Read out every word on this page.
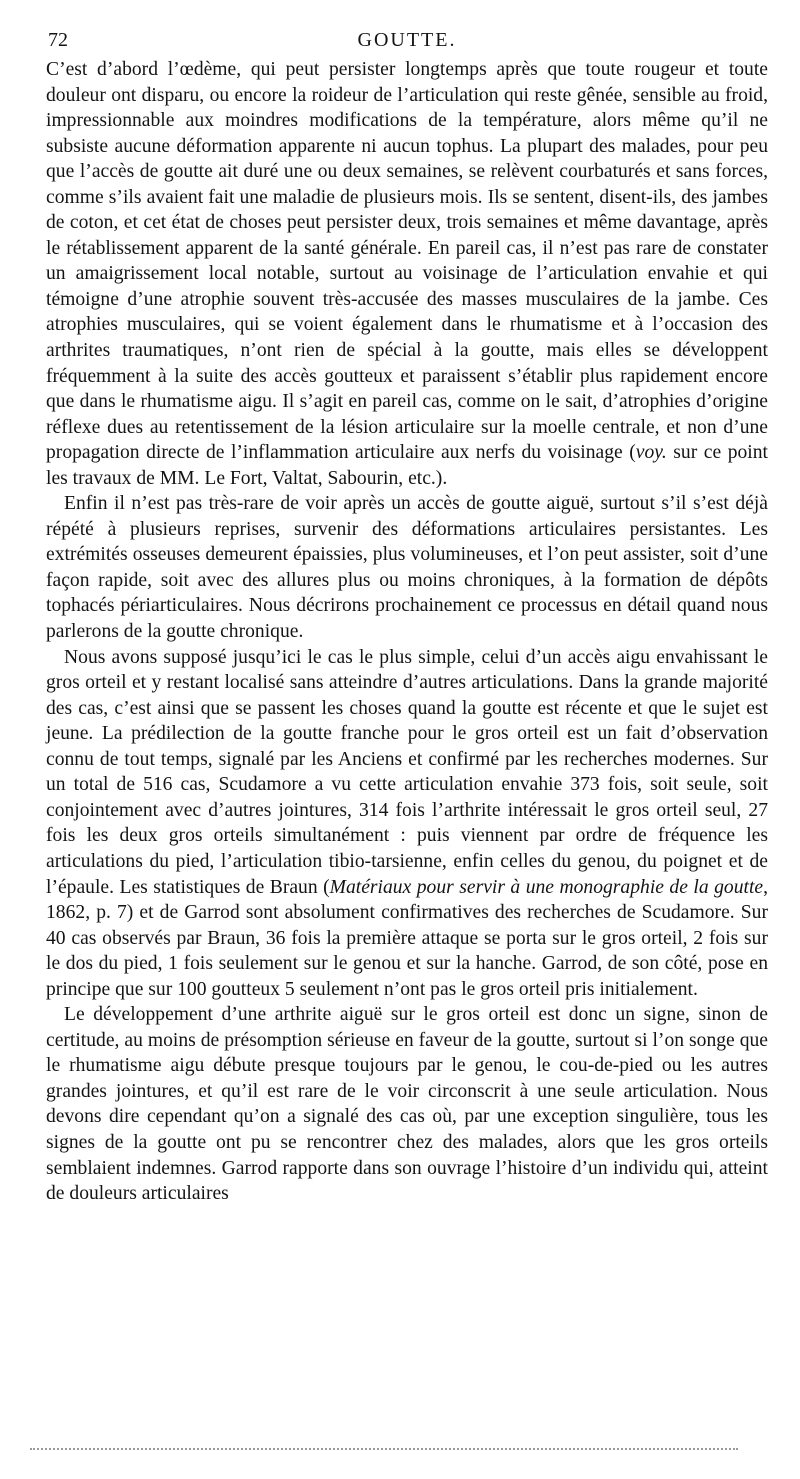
72	GOUTTE.

C’est d’abord l’œdème, qui peut persister longtemps après que toute rougeur et toute douleur ont disparu, ou encore la roideur de l’articulation qui reste gênée, sensible au froid, impressionnable aux moindres modifications de la température, alors même qu’il ne subsiste aucune déformation apparente ni aucun tophus. La plupart des malades, pour peu que l’accès de goutte ait duré une ou deux semaines, se relèvent courbaturés et sans forces, comme s’ils avaient fait une maladie de plusieurs mois. Ils se sentent, disent-ils, des jambes de coton, et cet état de choses peut persister deux, trois semaines et même davantage, après le rétablissement apparent de la santé générale. En pareil cas, il n’est pas rare de constater un amaigrissement local notable, surtout au voisinage de l’articulation envahie et qui témoigne d’une atrophie souvent très-accusée des masses musculaires de la jambe. Ces atrophies musculaires, qui se voient également dans le rhumatisme et à l’occasion des arthrites traumatiques, n’ont rien de spécial à la goutte, mais elles se développent fréquemment à la suite des accès goutteux et paraissent s’établir plus rapidement encore que dans le rhumatisme aigu. Il s’agit en pareil cas, comme on le sait, d’atrophies d’origine réflexe dues au retentissement de la lésion articulaire sur la moelle centrale, et non d’une propagation directe de l’inflammation articulaire aux nerfs du voisinage (voy. sur ce point les travaux de MM. Le Fort, Valtat, Sabourin, etc.).

Enfin il n’est pas très-rare de voir après un accès de goutte aiguë, surtout s’il s’est déjà répété à plusieurs reprises, survenir des déformations articulaires persistantes. Les extrémités osseuses demeurent épaissies, plus volumineuses, et l’on peut assister, soit d’une façon rapide, soit avec des allures plus ou moins chroniques, à la formation de dépôts tophacés périarticulaires. Nous décrirons prochainement ce processus en détail quand nous parlerons de la goutte chronique.

Nous avons supposé jusqu’ici le cas le plus simple, celui d’un accès aigu envahissant le gros orteil et y restant localisé sans atteindre d’autres articulations. Dans la grande majorité des cas, c’est ainsi que se passent les choses quand la goutte est récente et que le sujet est jeune. La prédilection de la goutte franche pour le gros orteil est un fait d’observation connu de tout temps, signalé par les Anciens et confirmé par les recherches modernes. Sur un total de 516 cas, Scudamore a vu cette articulation envahie 373 fois, soit seule, soit conjointement avec d’autres jointures, 314 fois l’arthrite intéressait le gros orteil seul, 27 fois les deux gros orteils simultanément : puis viennent par ordre de fréquence les articulations du pied, l’articulation tibio-tarsienne, enfin celles du genou, du poignet et de l’épaule. Les statistiques de Braun (Matériaux pour servir à une monographie de la goutte, 1862, p. 7) et de Garrod sont absolument confirmatives des recherches de Scudamore. Sur 40 cas observés par Braun, 36 fois la première attaque se porta sur le gros orteil, 2 fois sur le dos du pied, 1 fois seulement sur le genou et sur la hanche. Garrod, de son côté, pose en principe que sur 100 goutteux 5 seulement n’ont pas le gros orteil pris initialement.

Le développement d’une arthrite aiguë sur le gros orteil est donc un signe, sinon de certitude, au moins de présomption sérieuse en faveur de la goutte, surtout si l’on songe que le rhumatisme aigu débute presque toujours par le genou, le cou-de-pied ou les autres grandes jointures, et qu’il est rare de le voir circonscrit à une seule articulation. Nous devons dire cependant qu’on a signalé des cas où, par une exception singulière, tous les signes de la goutte ont pu se rencontrer chez des malades, alors que les gros orteils semblaient indemnes. Garrod rapporte dans son ouvrage l’histoire d’un individu qui, atteint de douleurs articulaires
